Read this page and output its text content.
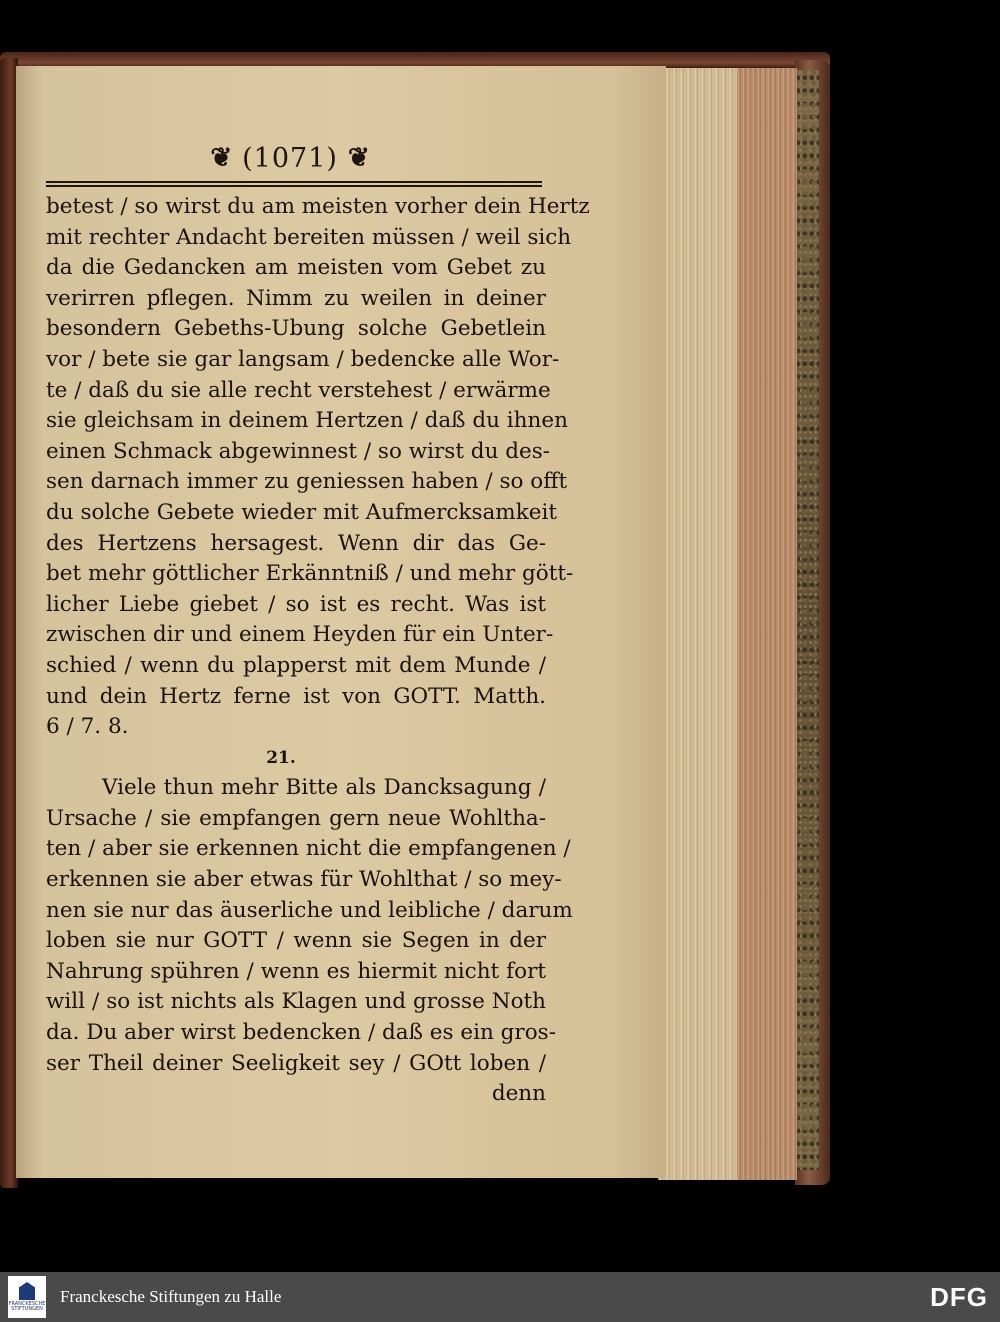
❦ (1071) ❦
betest / so wirst du am meisten vorher dein Hertz
mit rechter Andacht bereiten müssen / weil sich
da die Gedancken am meisten vom Gebet zu
verirren pflegen. Nimm zu weilen in deiner
besondern Gebeths-Ubung solche Gebetlein
vor / bete sie gar langsam / bedencke alle Wor-
te / daß du sie alle recht verstehest / erwärme
sie gleichsam in deinem Hertzen / daß du ihnen
einen Schmack abgewinnest / so wirst du des-
sen darnach immer zu geniessen haben / so offt
du solche Gebete wieder mit Aufmercksamkeit
des Hertzens hersagest. Wenn dir das Ge-
bet mehr göttlicher Erkänntniß / und mehr gött-
licher Liebe giebet / so ist es recht. Was ist
zwischen dir und einem Heyden für ein Unter-
schied / wenn du plapperst mit dem Munde /
und dein Hertz ferne ist von GOTT. Matth.
6 / 7. 8.
21.
Viele thun mehr Bitte als Dancksagung /
Ursache / sie empfangen gern neue Wohltha-
ten / aber sie erkennen nicht die empfangenen /
erkennen sie aber etwas für Wohlthat / so mey-
nen sie nur das äuserliche und leibliche / darum
loben sie nur GOTT / wenn sie Segen in der
Nahrung spühren / wenn es hiermit nicht fort
will / so ist nichts als Klagen und grosse Noth
da. Du aber wirst bedencken / daß es ein gros-
ser Theil deiner Seeligkeit sey / GOtt loben /
denn
FRANCKESCHE STIFTUNGEN
Franckesche Stiftungen zu Halle	DFG
